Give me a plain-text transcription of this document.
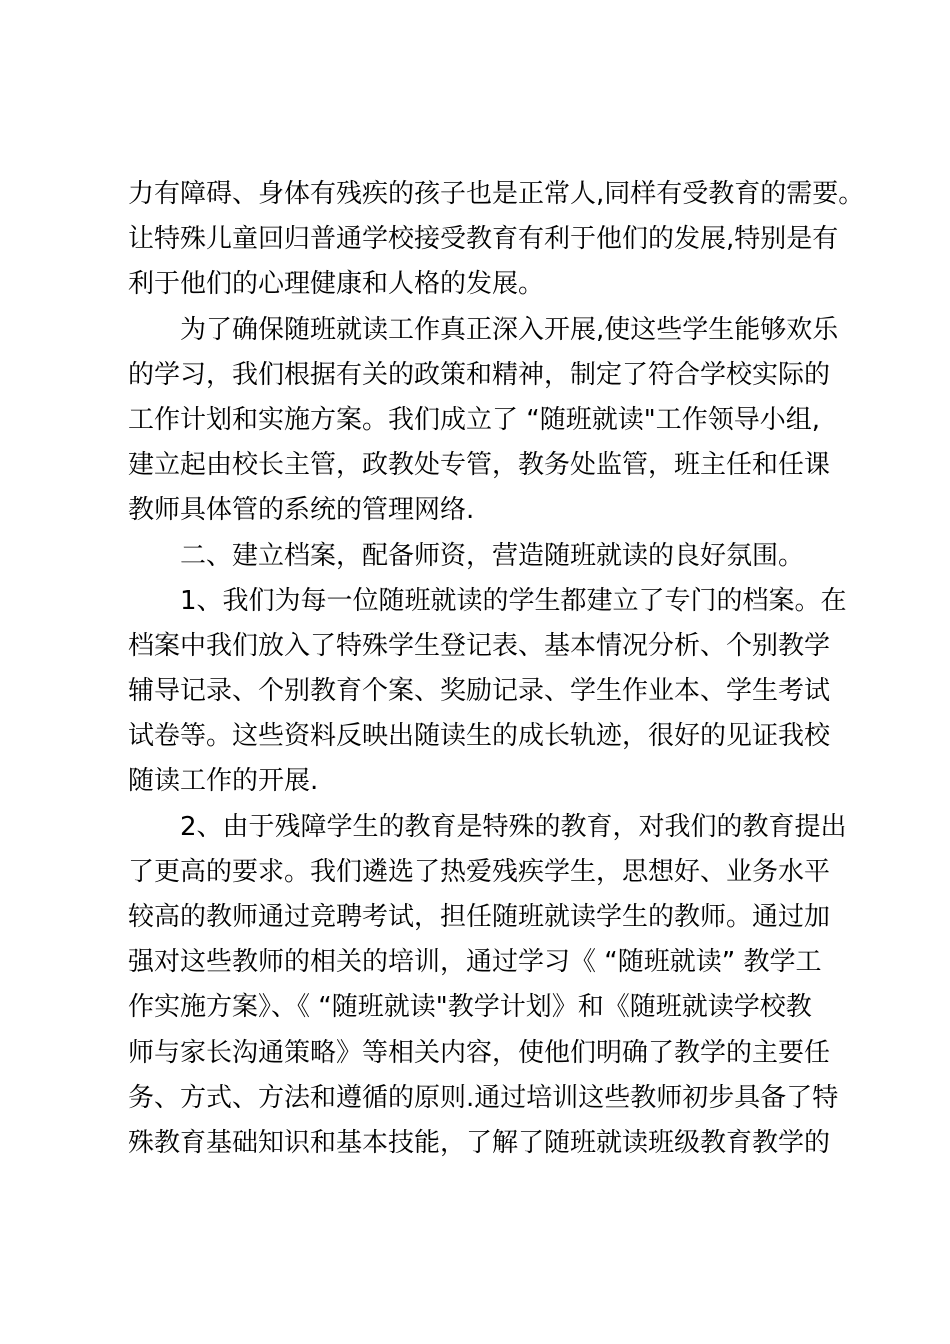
力有障碍、身体有残疾的孩子也是正常人,同样有受教育的需要。
让特殊儿童回归普通学校接受教育有利于他们的发展,特别是有
利于他们的心理健康和人格的发展。
为了确保随班就读工作真正深入开展,使这些学生能够欢乐
的学习，我们根据有关的政策和精神，制定了符合学校实际的
工作计划和实施方案。我们成立了 “随班就读"工作领导小组,
建立起由校长主管，政教处专管，教务处监管，班主任和任课
教师具体管的系统的管理网络.
二、建立档案，配备师资，营造随班就读的良好氛围。
1、我们为每一位随班就读的学生都建立了专门的档案。在
档案中我们放入了特殊学生登记表、基本情况分析、个别教学
辅导记录、个别教育个案、奖励记录、学生作业本、学生考试
试卷等。这些资料反映出随读生的成长轨迹，很好的见证我校
随读工作的开展.
2、由于残障学生的教育是特殊的教育，对我们的教育提出
了更高的要求。我们遴选了热爱残疾学生，思想好、业务水平
较高的教师通过竞聘考试，担任随班就读学生的教师。通过加
强对这些教师的相关的培训，通过学习《 “随班就读” 教学工
作实施方案》、《 “随班就读"教学计划》和《随班就读学校教
师与家长沟通策略》等相关内容，使他们明确了教学的主要任
务、方式、方法和遵循的原则.通过培训这些教师初步具备了特
殊教育基础知识和基本技能，了解了随班就读班级教育教学的
